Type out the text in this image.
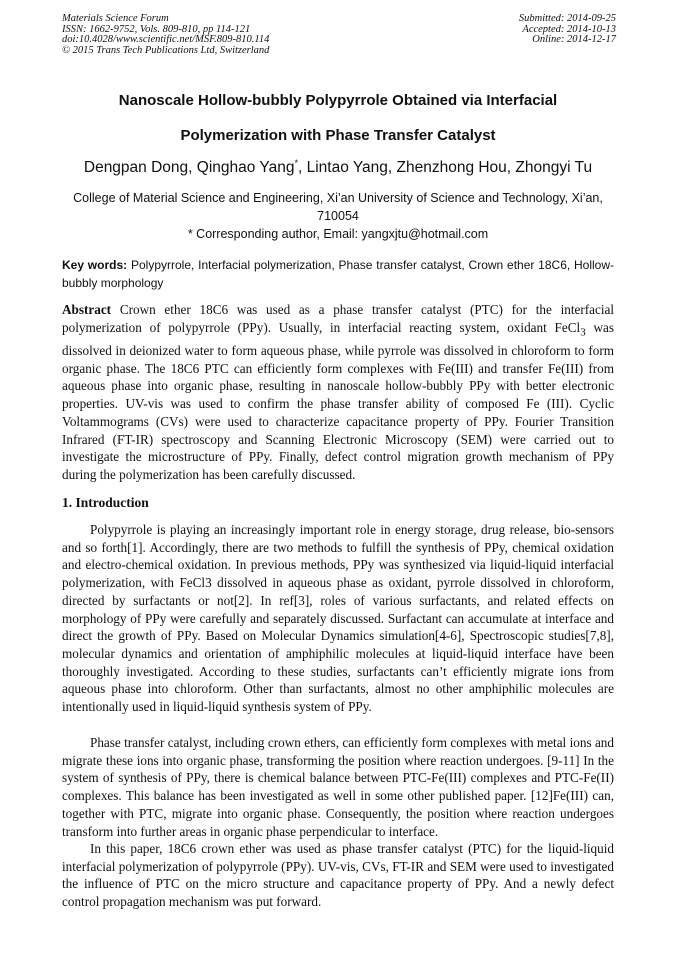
Materials Science Forum
ISSN: 1662-9752, Vols. 809-810, pp 114-121
doi:10.4028/www.scientific.net/MSF.809-810.114
© 2015 Trans Tech Publications Ltd, Switzerland
Submitted: 2014-09-25
Accepted: 2014-10-13
Online: 2014-12-17
Nanoscale Hollow-bubbly Polypyrrole Obtained via Interfacial
Polymerization with Phase Transfer Catalyst
Dengpan Dong, Qinghao Yang*, Lintao Yang, Zhenzhong Hou, Zhongyi Tu
College of Material Science and Engineering, Xi’an University of Science and Technology, Xi’an,
710054
* Corresponding author, Email: yangxjtu@hotmail.com
Key words: Polypyrrole, Interfacial polymerization, Phase transfer catalyst, Crown ether 18C6, Hollow-bubbly morphology

Abstract Crown ether 18C6 was used as a phase transfer catalyst (PTC) for the interfacial polymerization of polypyrrole (PPy). Usually, in interfacial reacting system, oxidant FeCl$_3$ was dissolved in deionized water to form aqueous phase, while pyrrole was dissolved in chloroform to form organic phase. The 18C6 PTC can efficiently form complexes with Fe(III) and transfer Fe(III) from aqueous phase into organic phase, resulting in nanoscale hollow-bubbly PPy with better electronic properties. UV-vis was used to confirm the phase transfer ability of composed Fe (III). Cyclic Voltammograms (CVs) were used to characterize capacitance property of PPy. Fourier Transition Infrared (FT-IR) spectroscopy and Scanning Electronic Microscopy (SEM) were carried out to investigate the microstructure of PPy. Finally, defect control migration growth mechanism of PPy during the polymerization has been carefully discussed.

1. Introduction

Polypyrrole is playing an increasingly important role in energy storage, drug release, bio-sensors and so forth[1]. Accordingly, there are two methods to fulfill the synthesis of PPy, chemical oxidation and electro-chemical oxidation. In previous methods, PPy was synthesized via liquid-liquid interfacial polymerization, with FeCl3 dissolved in aqueous phase as oxidant, pyrrole dissolved in chloroform, directed by surfactants or not[2]. In ref[3], roles of various surfactants, and related effects on morphology of PPy were carefully and separately discussed. Surfactant can accumulate at interface and direct the growth of PPy. Based on Molecular Dynamics simulation[4-6], Spectroscopic studies[7,8], molecular dynamics and orientation of amphiphilic molecules at liquid-liquid interface have been thoroughly investigated. According to these studies, surfactants can’t efficiently migrate ions from aqueous phase into chloroform. Other than surfactants, almost no other amphiphilic molecules are intentionally used in liquid-liquid synthesis system of PPy.

Phase transfer catalyst, including crown ethers, can efficiently form complexes with metal ions and migrate these ions into organic phase, transforming the position where reaction undergoes. [9-11] In the system of synthesis of PPy, there is chemical balance between PTC-Fe(III) complexes and PTC-Fe(II) complexes. This balance has been investigated as well in some other published paper. [12]Fe(III) can, together with PTC, migrate into organic phase. Consequently, the position where reaction undergoes transform into further areas in organic phase perpendicular to interface.

In this paper, 18C6 crown ether was used as phase transfer catalyst (PTC) for the liquid-liquid interfacial polymerization of polypyrrole (PPy). UV-vis, CVs, FT-IR and SEM were used to investigated the influence of PTC on the micro structure and capacitance property of PPy. And a newly defect control propagation mechanism was put forward.
